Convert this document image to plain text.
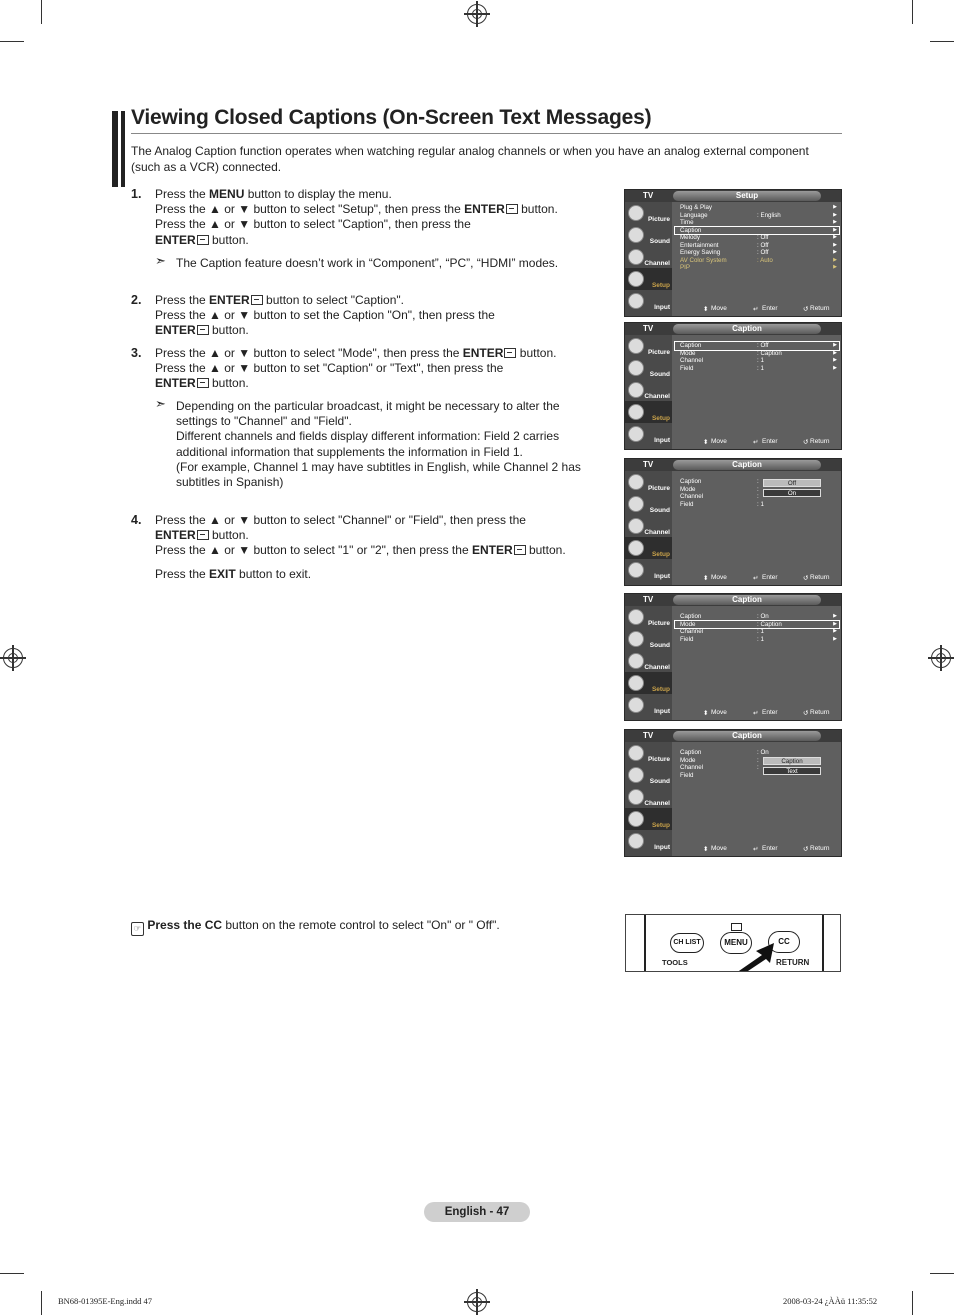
Viewing Closed Captions (On-Screen Text Messages)
The Analog Caption function operates when watching regular analog channels or when you have an analog external component (such as a VCR) connected.
1. Press the MENU button to display the menu.
Press the ▲ or ▼ button to select "Setup", then press the ENTER button.
Press the ▲ or ▼ button to select "Caption", then press the
ENTER button.
➣ The Caption feature doesn’t work in “Component”, “PC”, “HDMI” modes.
2. Press the ENTER button to select "Caption".
Press the ▲ or ▼ button to set the Caption "On", then press the
ENTER button.
3. Press the ▲ or ▼ button to select "Mode", then press the ENTER button.
Press the ▲ or ▼ button to set "Caption" or "Text", then press the
ENTER button.
➣ Depending on the particular broadcast, it might be necessary to alter the
settings to "Channel" and "Field".
Different channels and fields display different information: Field 2 carries
additional information that supplements the information in Field 1.
(For example, Channel 1 may have subtitles in English, while Channel 2 has
subtitles in Spanish)
4. Press the ▲ or ▼ button to select "Channel" or "Field", then press the
ENTER button.
Press the ▲ or ▼ button to select "1" or "2", then press the ENTER button.
Press the EXIT button to exit.
☞ Press the CC button on the remote control to select "On" or " Off".
TV	Setup
Picture
Sound
Channel
Setup
Input
Plug & Play	▶
Language	: English	▶
Time	▶
Caption	▶
Melody	: Off	▶
Entertainment	: Off	▶
Energy Saving	: Off	▶
AV Color System	: Auto	▶
PIP	▶
⬍ Move	↵ Enter	↺ Return
TV	Caption
Picture
Sound
Channel
Setup
Input
Caption	: Off	▶
Mode	: Caption	▶
Channel	: 1	▶
Field	: 1	▶
⬍ Move	↵ Enter	↺ Return
TV	Caption
Picture
Sound
Channel
Setup
Input
Caption	:
Mode	:
Channel	:
Field	: 1
Off
On
⬍ Move	↵ Enter	↺ Return
TV	Caption
Picture
Sound
Channel
Setup
Input
Caption	: On	▶
Mode	: Caption	▶
Channel	: 1	▶
Field	: 1	▶
⬍ Move	↵ Enter	↺ Return
TV	Caption
Picture
Sound
Channel
Setup
Input
Caption	: On
Mode	:
Channel	:
Field
Caption
Text
⬍ Move	↵ Enter	↺ Return
CH LIST	MENU	CC
TOOLS	RETURN
English - 47
BN68-01395E-Eng.indd 47	2008-03-24 ¿ÀÀü 11:35:52
